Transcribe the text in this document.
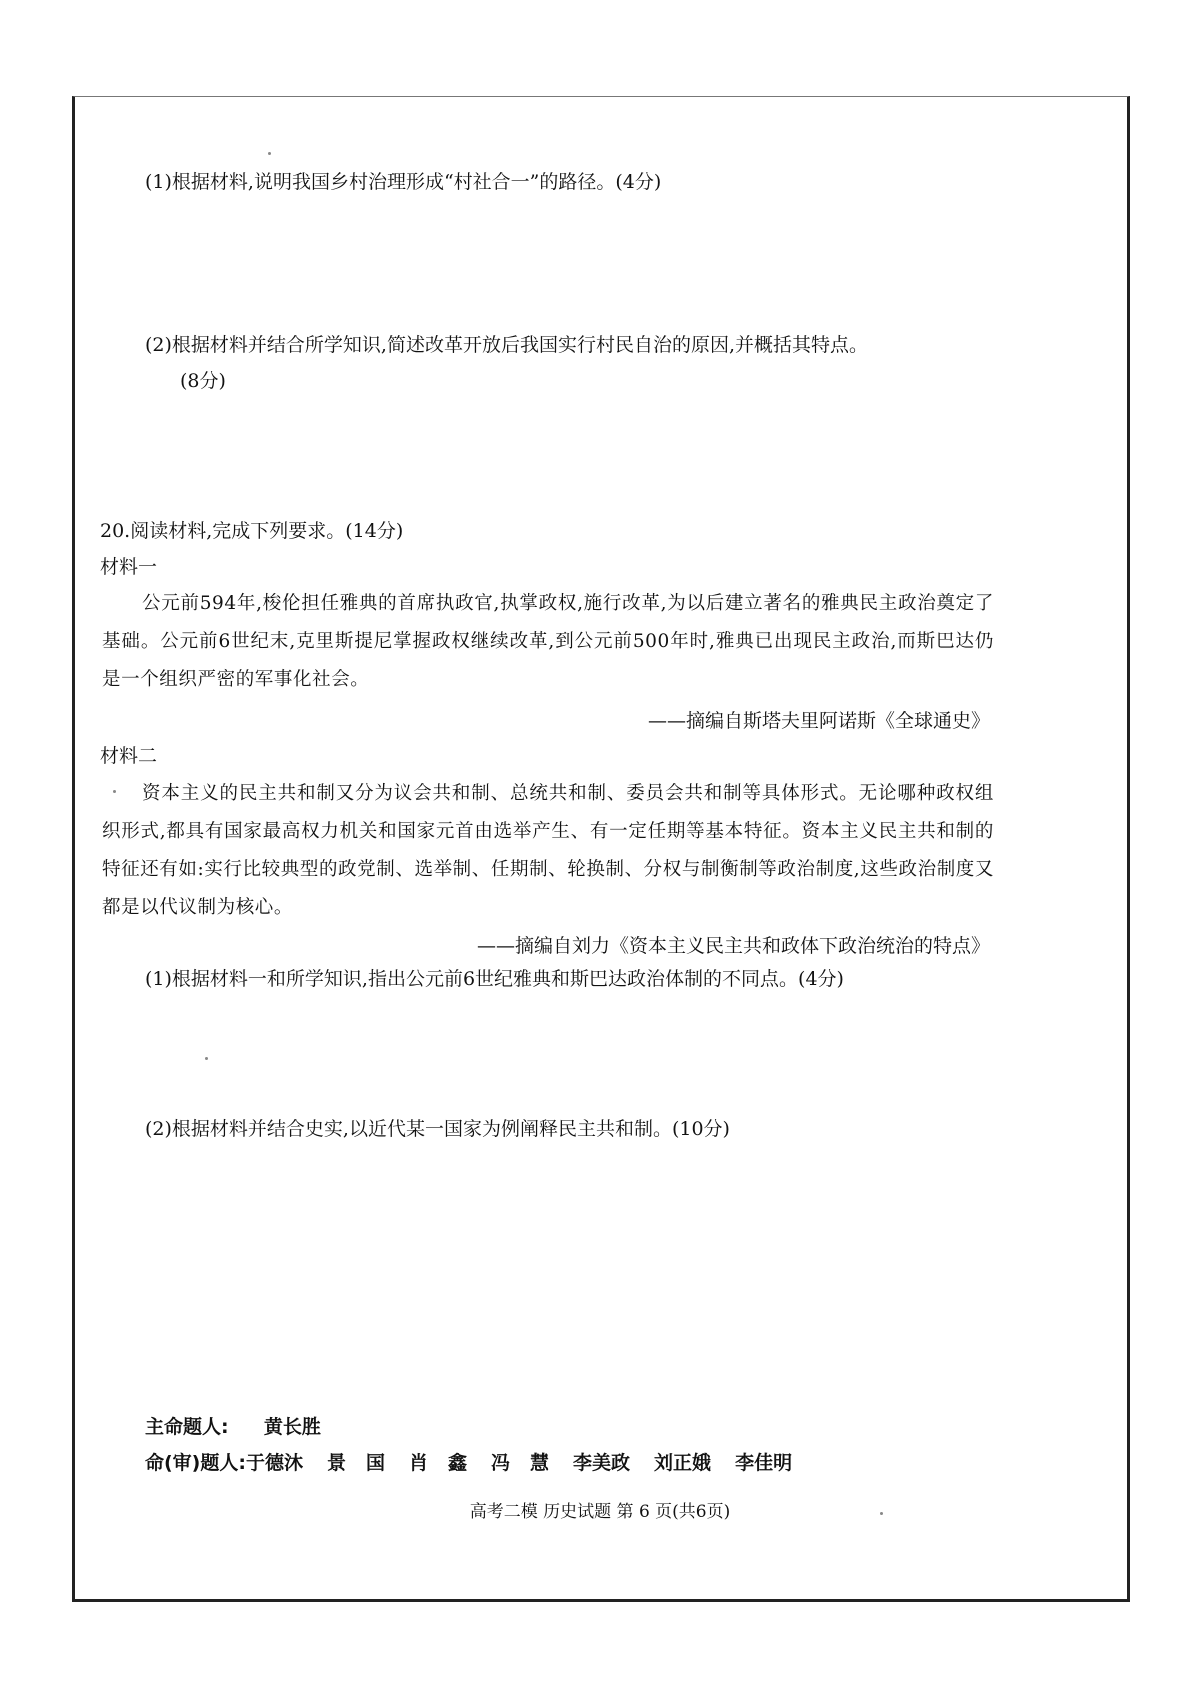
(1)根据材料,说明我国乡村治理形成“村社合一”的路径。(4分)
(2)根据材料并结合所学知识,简述改革开放后我国实行村民自治的原因,并概括其特点。
(8分)
20.阅读材料,完成下列要求。(14分)
材料一
公元前594年,梭伦担任雅典的首席执政官,执掌政权,施行改革,为以后建立著名的雅典民主政治奠定了基础。公元前6世纪末,克里斯提尼掌握政权继续改革,到公元前500年时,雅典已出现民主政治,而斯巴达仍是一个组织严密的军事化社会。
——摘编自斯塔夫里阿诺斯《全球通史》
材料二
资本主义的民主共和制又分为议会共和制、总统共和制、委员会共和制等具体形式。无论哪种政权组织形式,都具有国家最高权力机关和国家元首由选举产生、有一定任期等基本特征。资本主义民主共和制的特征还有如:实行比较典型的政党制、选举制、任期制、轮换制、分权与制衡制等政治制度,这些政治制度又都是以代议制为核心。
——摘编自刘力《资本主义民主共和政体下政治统治的特点》
(1)根据材料一和所学知识,指出公元前6世纪雅典和斯巴达政治体制的不同点。(4分)
(2)根据材料并结合史实,以近代某一国家为例阐释民主共和制。(10分)
主命题人: 黄长胜
命(审)题人:于德沐 景国 肖鑫 冯慧 李美政 刘正娥 李佳明
高考二模 历史试题 第 6 页(共6页)
